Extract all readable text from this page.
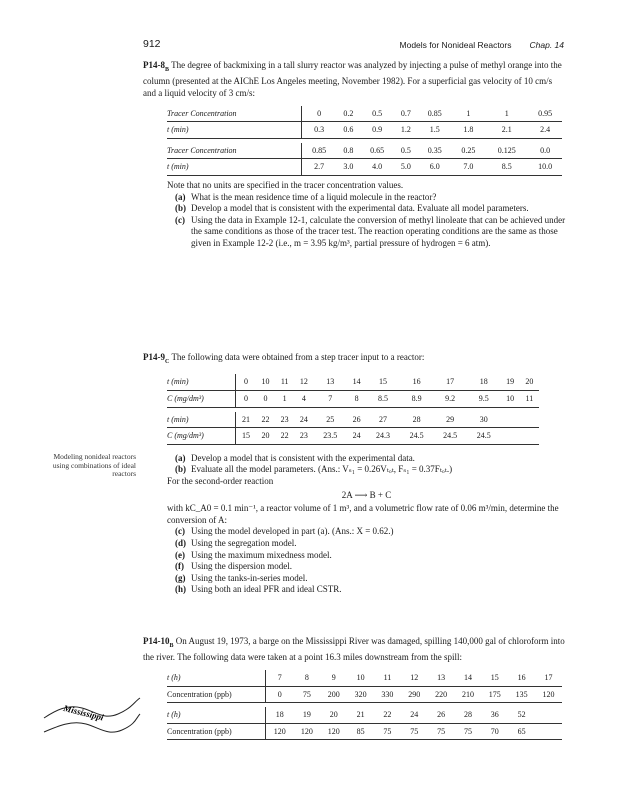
912	Models for Nonideal Reactors Chap. 14

$P14-8_B$ The degree of backmixing in a tall slurry reactor was analyzed by injecting a pulse of methyl orange into the column (presented at the AIChE Los Angeles meeting, November 1982). For a superficial gas velocity of 10 cm/s and a liquid velocity of 3 cm/s:

Tracer Concentration	0	0.2	0.5	0.7	0.85	1	1	0.95
t (min)	0.3	0.6	0.9	1.2	1.5	1.8	2.1	2.4

Tracer Concentration	0.85	0.8	0.65	0.5	0.35	0.25	0.125	0.0
t (min)	2.7	3.0	4.0	5.0	6.0	7.0	8.5	10.0

Note that no units are specified in the tracer concentration values.

(a) What is the mean residence time of a liquid molecule in the reactor?
(b) Develop a model that is consistent with the experimental data. Evaluate all model parameters.
(c) Using the data in Example 12-1, calculate the conversion of methyl linoleate that can be achieved under the same conditions as those of the tracer test. The reaction operating conditions are the same as those given in Example 12-2 (i.e., m = 3.95 kg/m³, partial pressure of hydrogen = 6 atm).

$P14-9_C$ The following data were obtained from a step tracer input to a reactor:

t (min)	0	10	11	12	13	14	15	16	17	18	19	20
C (mg/dm³)	0	0	1	4	7	8	8.5	8.9	9.2	9.5	10	11

t (min)	21	22	23	24	25	26	27	28	29	30		
C (mg/dm³)	15	20	22	23	23.5	24	24.3	24.5	24.5	24.5		
(a) Develop a model that is consistent with the experimental data.
(b) Evaluate all the model parameters. (Ans.: Vₛ₁ = 0.26Vₜₒₜ, Fₛ₁ = 0.37Fₜₒₜ.)

For the second-order reaction

2A ⟶ B + C

with kC_A0 = 0.1 min⁻¹, a reactor volume of 1 m³, and a volumetric flow rate of 0.06 m³/min, determine the conversion of A:

(c) Using the model developed in part (a). (Ans.: X = 0.62.)
(d) Using the segregation model.
(e) Using the maximum mixedness model.
(f) Using the dispersion model.
(g) Using the tanks-in-series model.
(h) Using both an ideal PFR and ideal CSTR.

$P14-10_B$ On August 19, 1973, a barge on the Mississippi River was damaged, spilling 140,000 gal of chloroform into the river. The following data were taken at a point 16.3 miles downstream from the spill:

t (h)	7	8	9	10	11	12	13	14	15	16	17
Concentration (ppb)	0	75	200	320	330	290	220	210	175	135	120

t (h)	18	19	20	21	22	24	26	28	36	52	
Concentration (ppb)	120	120	120	85	75	75	75	75	70	65	
Modeling nonideal reactors using combinations of ideal reactors
Mississippi
